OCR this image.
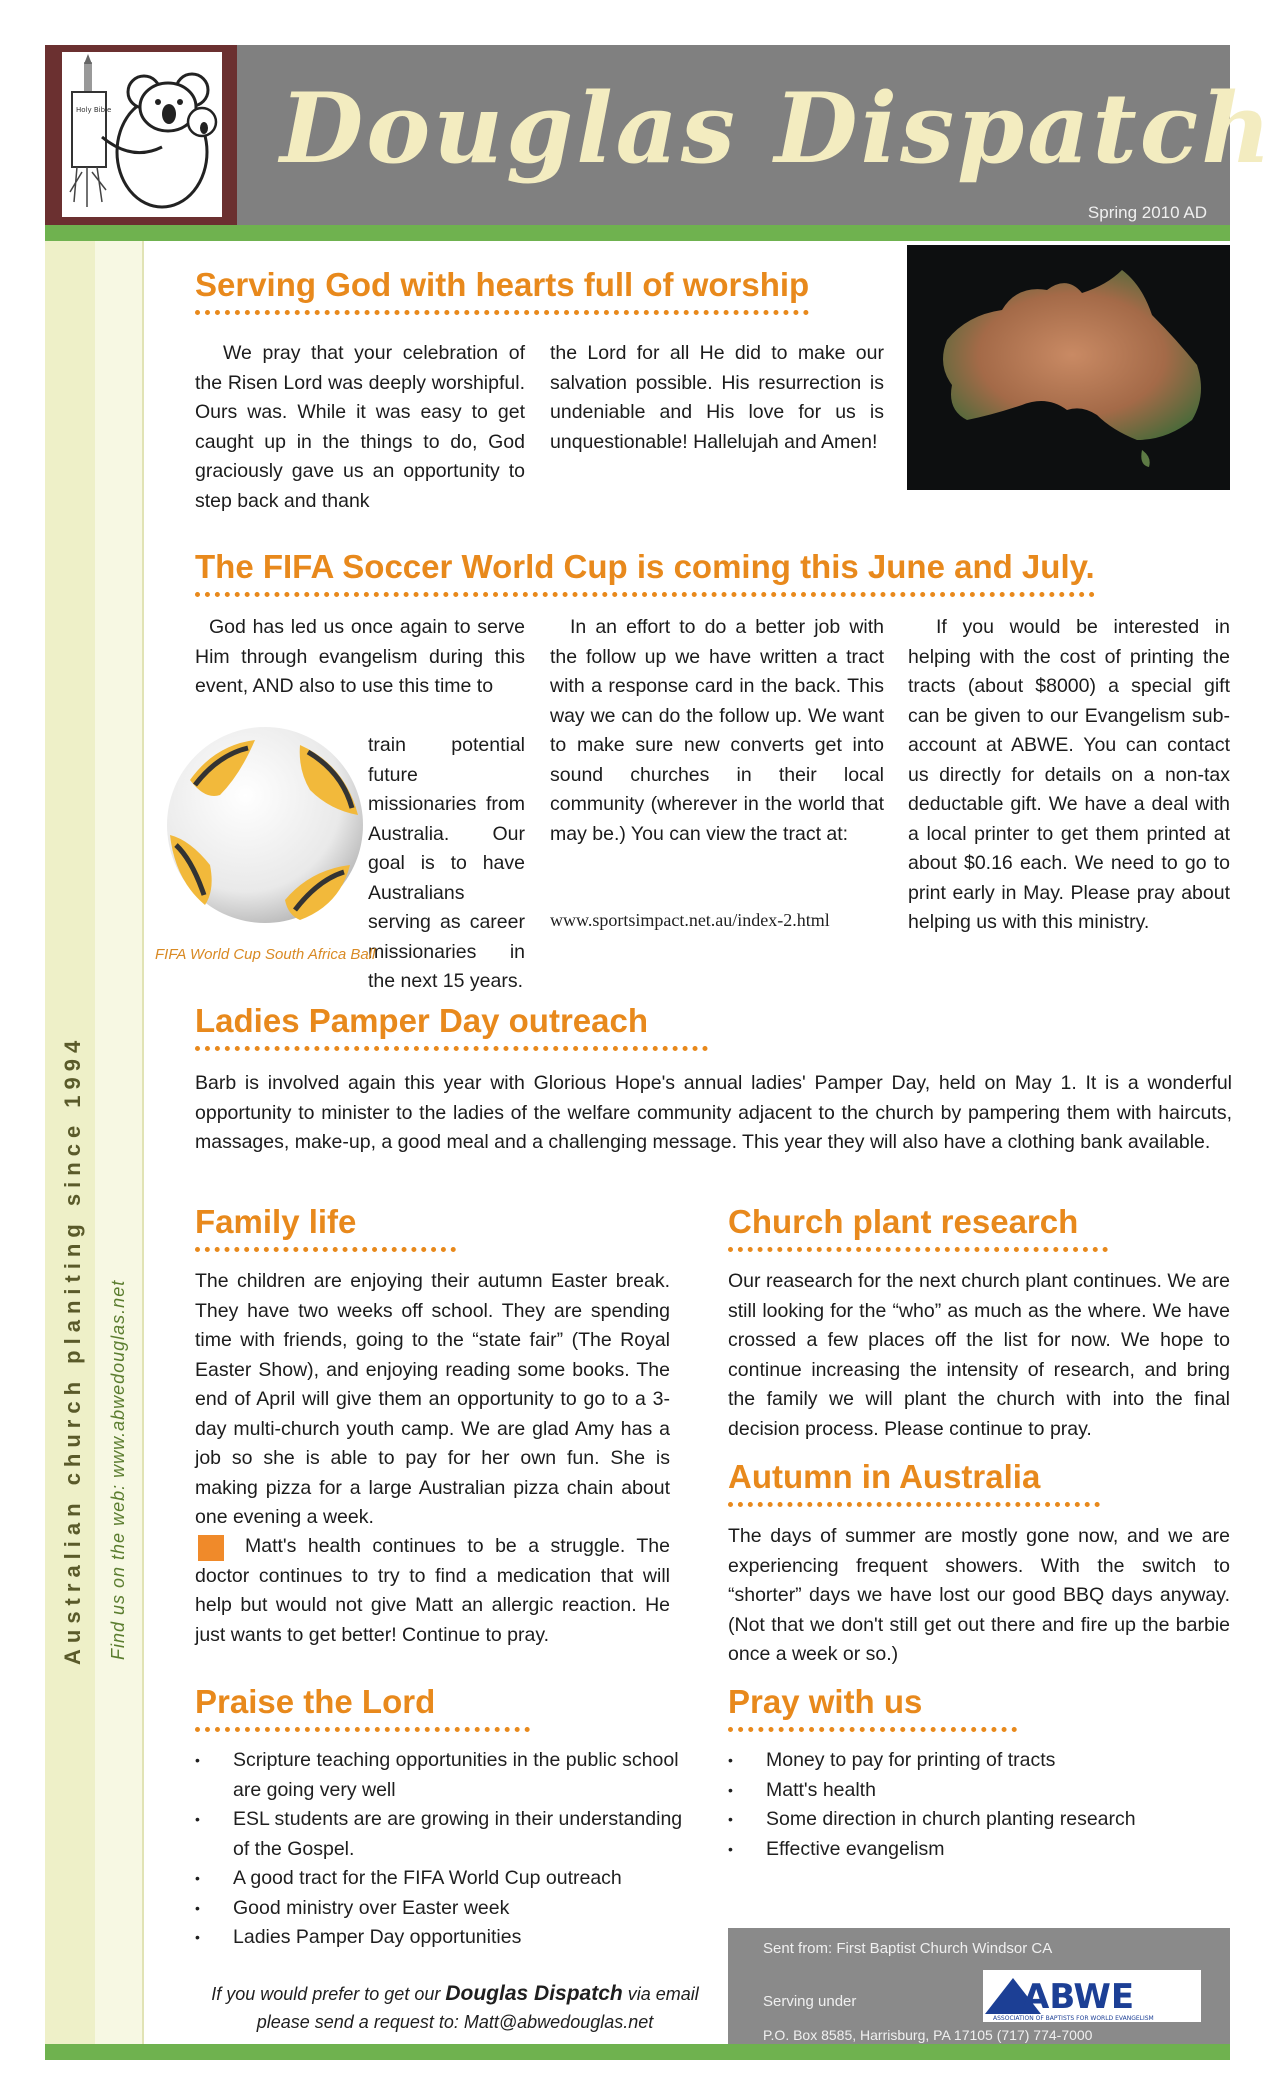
Holy Bible Douglas Dispatch
Spring 2010 AD
Australian church planiting since 1994 Find us on the web: www.abwedouglas.net
Serving God with hearts full of worship
We pray that your celebration of the Risen Lord was deeply worshipful. Ours was. While it was easy to get caught up in the things to do, God graciously gave us an opportunity to step back and thank
the Lord for all He did to make our salvation possible. His resurrection is undeniable and His love for us is unquestionable! Hallelujah and Amen!
The FIFA Soccer World Cup is coming this June and July.
God has led us once again to serve Him through evangelism during this event, AND also to use this time to
train potential future missionaries from Australia. Our goal is to have Australians serving as career missionaries in the next 15 years.
FIFA World Cup South Africa Ball
In an effort to do a better job with the follow up we have written a tract with a response card in the back. This way we can do the follow up. We want to make sure new converts get into sound churches in their local community (wherever in the world that may be.) You can view the tract at:
www.sportsimpact.net.au/index-2.html
If you would be interested in helping with the cost of printing the tracts (about $8000) a special gift can be given to our Evangelism sub-account at ABWE. You can contact us directly for details on a non-tax deductable gift. We have a deal with a local printer to get them printed at about $0.16 each. We need to go to print early in May. Please pray about helping us with this ministry.
Ladies Pamper Day outreach
Barb is involved again this year with Glorious Hope's annual ladies' Pamper Day, held on May 1. It is a wonderful opportunity to minister to the ladies of the welfare community adjacent to the church by pampering them with haircuts, massages, make-up, a good meal and a challenging message. This year they will also have a clothing bank available.
Family life
The children are enjoying their autumn Easter break. They have two weeks off school. They are spending time with friends, going to the “state fair” (The Royal Easter Show), and enjoying reading some books. The end of April will give them an opportunity to go to a 3-day multi-church youth camp. We are glad Amy has a job so she is able to pay for her own fun. She is making pizza for a large Australian pizza chain about one evening a week.
Matt's health continues to be a struggle. The doctor continues to try to find a medication that will help but would not give Matt an allergic reaction. He just wants to get better! Continue to pray.
Church plant research
Our reasearch for the next church plant continues. We are still looking for the “who” as much as the where. We have crossed a few places off the list for now. We hope to continue increasing the intensity of research, and bring the family we will plant the church with into the final decision process. Please continue to pray.
Autumn in Australia
The days of summer are mostly gone now, and we are experiencing frequent showers. With the switch to “shorter” days we have lost our good BBQ days anyway. (Not that we don't still get out there and fire up the barbie once a week or so.)
Praise the Lord
• Scripture teaching opportunities in the public school are going very well
• ESL students are are growing in their understanding of the Gospel.
• A good tract for the FIFA World Cup outreach
• Good ministry over Easter week
• Ladies Pamper Day opportunities
Pray with us
• Money to pay for printing of tracts
• Matt's health
• Some direction in church planting research
• Effective evangelism
If you would prefer to get our Douglas Dispatch via email
please send a request to: Matt@abwedouglas.net
Sent from: First Baptist Church Windsor CA
Serving under
P.O. Box 8585, Harrisburg, PA 17105 (717) 774-7000
ABWE
ASSOCIATION OF BAPTISTS FOR WORLD EVANGELISM
